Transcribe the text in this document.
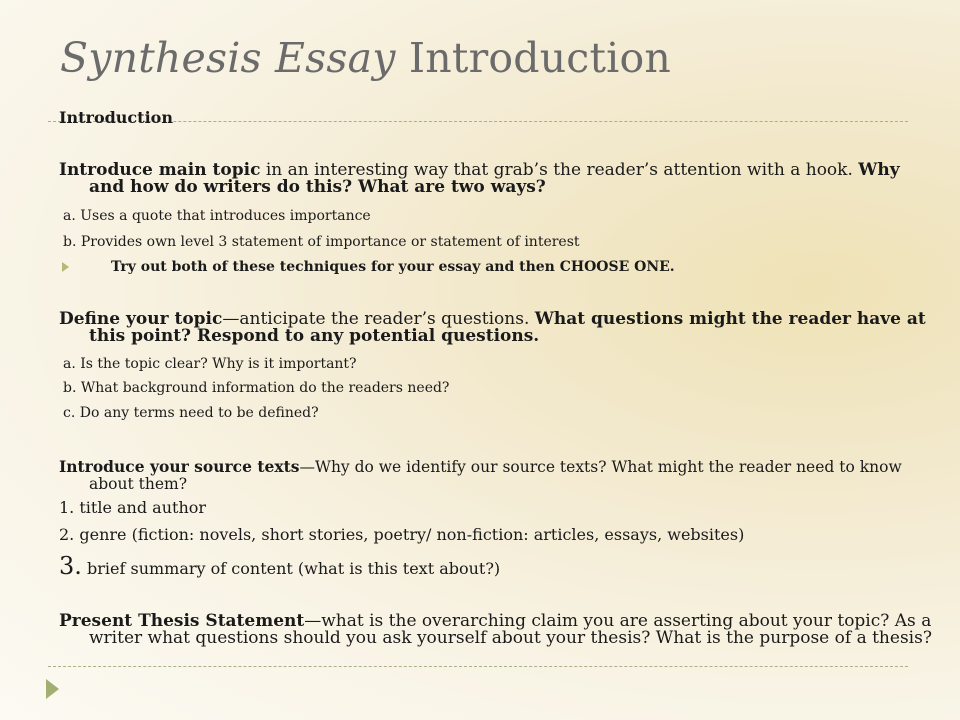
Synthesis Essay Introduction
Introduction
Introduce main topic in an interesting way that grab’s the reader’s attention with a hook. Why and how do writers do this? What are two ways?
a. Uses a quote that introduces importance
b. Provides own level 3 statement of importance or statement of interest
Try out both of these techniques for your essay and then CHOOSE ONE.
Define your topic—anticipate the reader’s questions. What questions might the reader have at this point? Respond to any potential questions.
a. Is the topic clear? Why is it important?
b. What background information do the readers need?
c. Do any terms need to be defined?
Introduce your source texts—Why do we identify our source texts? What might the reader need to know about them?
1. title and author
2. genre (fiction: novels, short stories, poetry/ non-fiction: articles, essays, websites)
3. brief summary of content (what is this text about?)
Present Thesis Statement—what is the overarching claim you are asserting about your topic? As a writer what questions should you ask yourself about your thesis? What is the purpose of a thesis?
